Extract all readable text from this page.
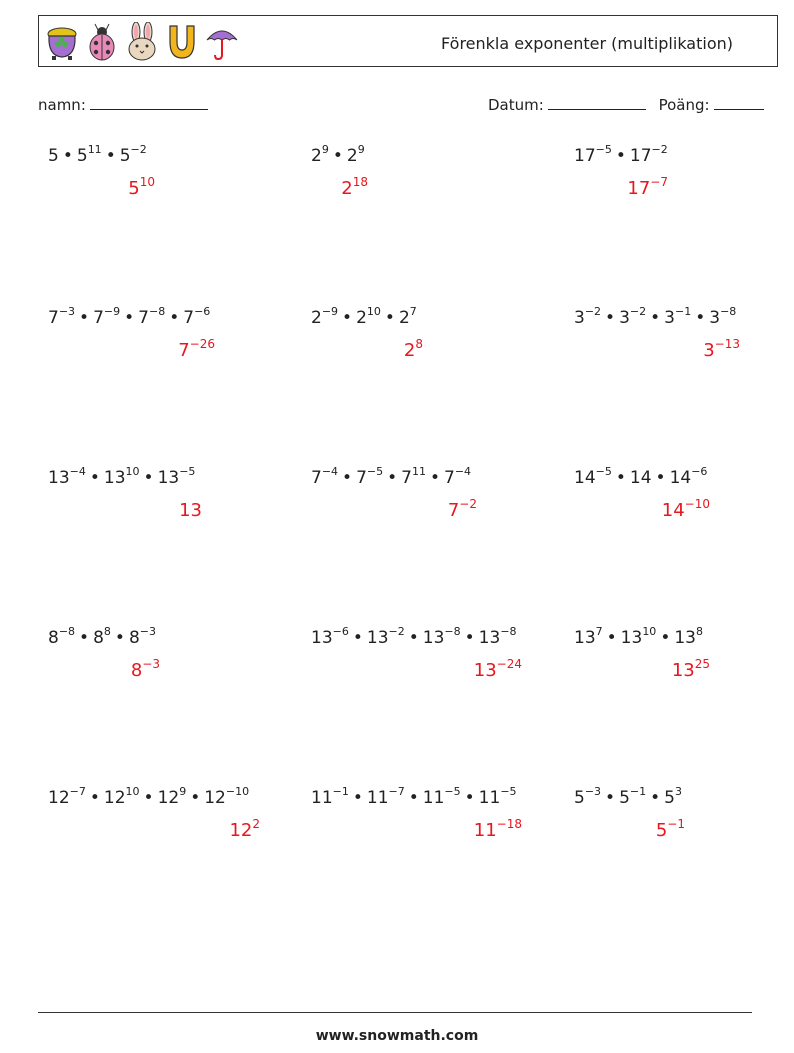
Förenkla exponenter (multiplikation)
namn:	Datum:	Poäng:
5 • $5^{11}$ • $5^{-2}$
$5^{10}$
$2^9$ • $2^9$
$2^{18}$
$17^{-5}$ • $17^{-2}$
$17^{-7}$
$7^{-3}$ • $7^{-9}$ • $7^{-8}$ • $7^{-6}$
$7^{-26}$
$2^{-9}$ • $2^{10}$ • $2^7$
$2^8$
$3^{-2}$ • $3^{-2}$ • $3^{-1}$ • $3^{-8}$
$3^{-13}$
$13^{-4}$ • $13^{10}$ • $13^{-5}$
13
$7^{-4}$ • $7^{-5}$ • $7^{11}$ • $7^{-4}$
$7^{-2}$
$14^{-5}$ • 14 • $14^{-6}$
$14^{-10}$
$8^{-8}$ • $8^8$ • $8^{-3}$
$8^{-3}$
$13^{-6}$ • $13^{-2}$ • $13^{-8}$ • $13^{-8}$
$13^{-24}$
$13^7$ • $13^{10}$ • $13^8$
$13^{25}$
$12^{-7}$ • $12^{10}$ • $12^9$ • $12^{-10}$
$12^2$
$11^{-1}$ • $11^{-7}$ • $11^{-5}$ • $11^{-5}$
$11^{-18}$
$5^{-3}$ • $5^{-1}$ • $5^3$
$5^{-1}$
www.snowmath.com
